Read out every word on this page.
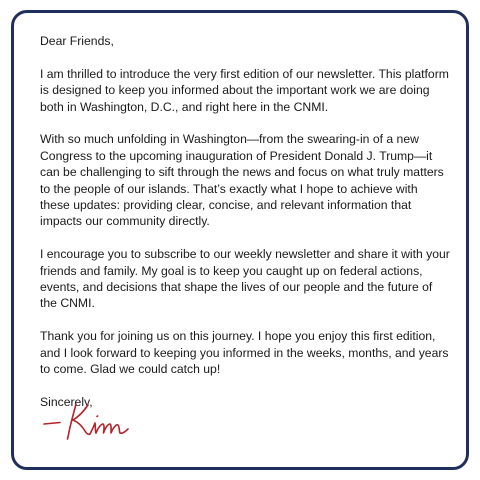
Dear Friends,

I am thrilled to introduce the very first edition of our newsletter. This platform is designed to keep you informed about the important work we are doing both in Washington, D.C., and right here in the CNMI.

With so much unfolding in Washington—from the swearing-in of a new Congress to the upcoming inauguration of President Donald J. Trump—it can be challenging to sift through the news and focus on what truly matters to the people of our islands. That’s exactly what I hope to achieve with these updates: providing clear, concise, and relevant information that impacts our community directly.

I encourage you to subscribe to our weekly newsletter and share it with your friends and family. My goal is to keep you caught up on federal actions, events, and decisions that shape the lives of our people and the future of the CNMI.

Thank you for joining us on this journey. I hope you enjoy this first edition, and I look forward to keeping you informed in the weeks, months, and years to come. Glad we could catch up!

Sincerely,
